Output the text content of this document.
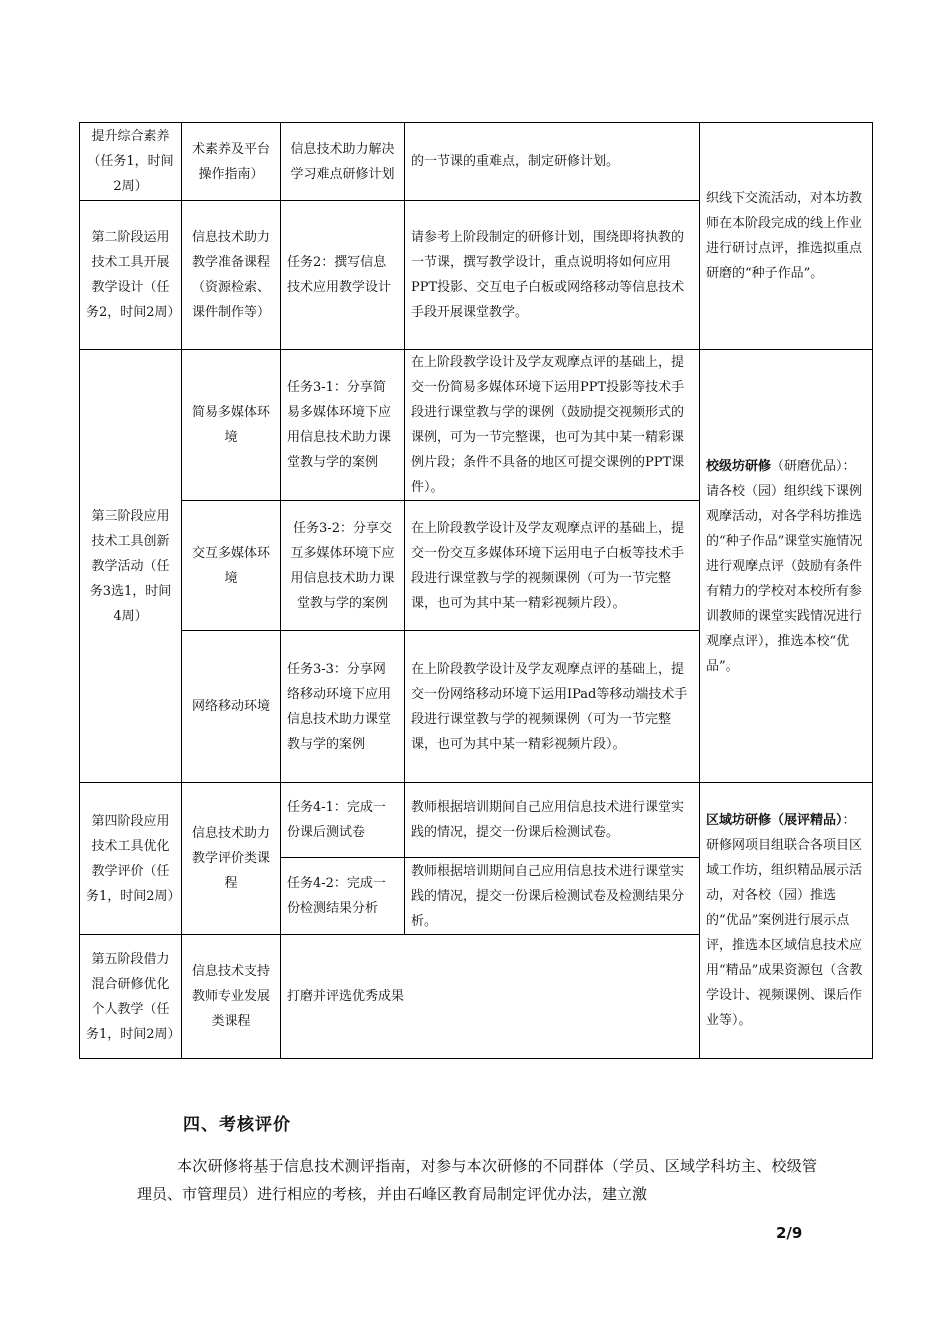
提升综合素养（任务1，时间2周）	术素养及平台操作指南）	信息技术助力解决学习难点研修计划	的一节课的重难点，制定研修计划。	织线下交流活动，对本坊教师在本阶段完成的线上作业进行研讨点评，推选拟重点研磨的“种子作品”。
第二阶段运用技术工具开展教学设计（任务2，时间2周）	信息技术助力教学准备课程（资源检索、课件制作等）	任务2：撰写信息技术应用教学设计	请参考上阶段制定的研修计划，围绕即将执教的一节课，撰写教学设计，重点说明将如何应用PPT投影、交互电子白板或网络移动等信息技术手段开展课堂教学。	
第三阶段应用技术工具创新教学活动（任务3选1，时间4周）	简易多媒体环境	任务3-1：分享简易多媒体环境下应用信息技术助力课堂教与学的案例	在上阶段教学设计及学友观摩点评的基础上，提交一份简易多媒体环境下运用PPT投影等技术手段进行课堂教与学的课例（鼓励提交视频形式的课例，可为一节完整课，也可为其中某一精彩课例片段；条件不具备的地区可提交课例的PPT课件）。	校级坊研修（研磨优品）：请各校（园）组织线下课例观摩活动，对各学科坊推选的“种子作品”课堂实施情况进行观摩点评（鼓励有条件有精力的学校对本校所有参训教师的课堂实践情况进行观摩点评），推选本校“优品”。
	交互多媒体环境	任务3-2：分享交互多媒体环境下应用信息技术助力课堂教与学的案例	在上阶段教学设计及学友观摩点评的基础上，提交一份交互多媒体环境下运用电子白板等技术手段进行课堂教与学的视频课例（可为一节完整课，也可为其中某一精彩视频片段）。	
	网络移动环境	任务3-3：分享网络移动环境下应用信息技术助力课堂教与学的案例	在上阶段教学设计及学友观摩点评的基础上，提交一份网络移动环境下运用IPad等移动端技术手段进行课堂教与学的视频课例（可为一节完整课，也可为其中某一精彩视频片段）。	
第四阶段应用技术工具优化教学评价（任务1，时间2周）	信息技术助力教学评价类课程	任务4-1：完成一份课后测试卷	教师根据培训期间自己应用信息技术进行课堂实践的情况，提交一份课后检测试卷。	区域坊研修（展评精品）：研修网项目组联合各项目区域工作坊，组织精品展示活动，对各校（园）推选的“优品”案例进行展示点评，推选本区域信息技术应用“精品”成果资源包（含教学设计、视频课例、课后作业等）。
		任务4-2：完成一份检测结果分析	教师根据培训期间自己应用信息技术进行课堂实践的情况，提交一份课后检测试卷及检测结果分析。	
第五阶段借力混合研修优化个人教学（任务1，时间2周）	信息技术支持教师专业发展类课程	打磨并评选优秀成果		
四、考核评价

本次研修将基于信息技术测评指南，对参与本次研修的不同群体（学员、区域学科坊主、校级管理员、市管理员）进行相应的考核，并由石峰区教育局制定评优办法，建立激

2/9
